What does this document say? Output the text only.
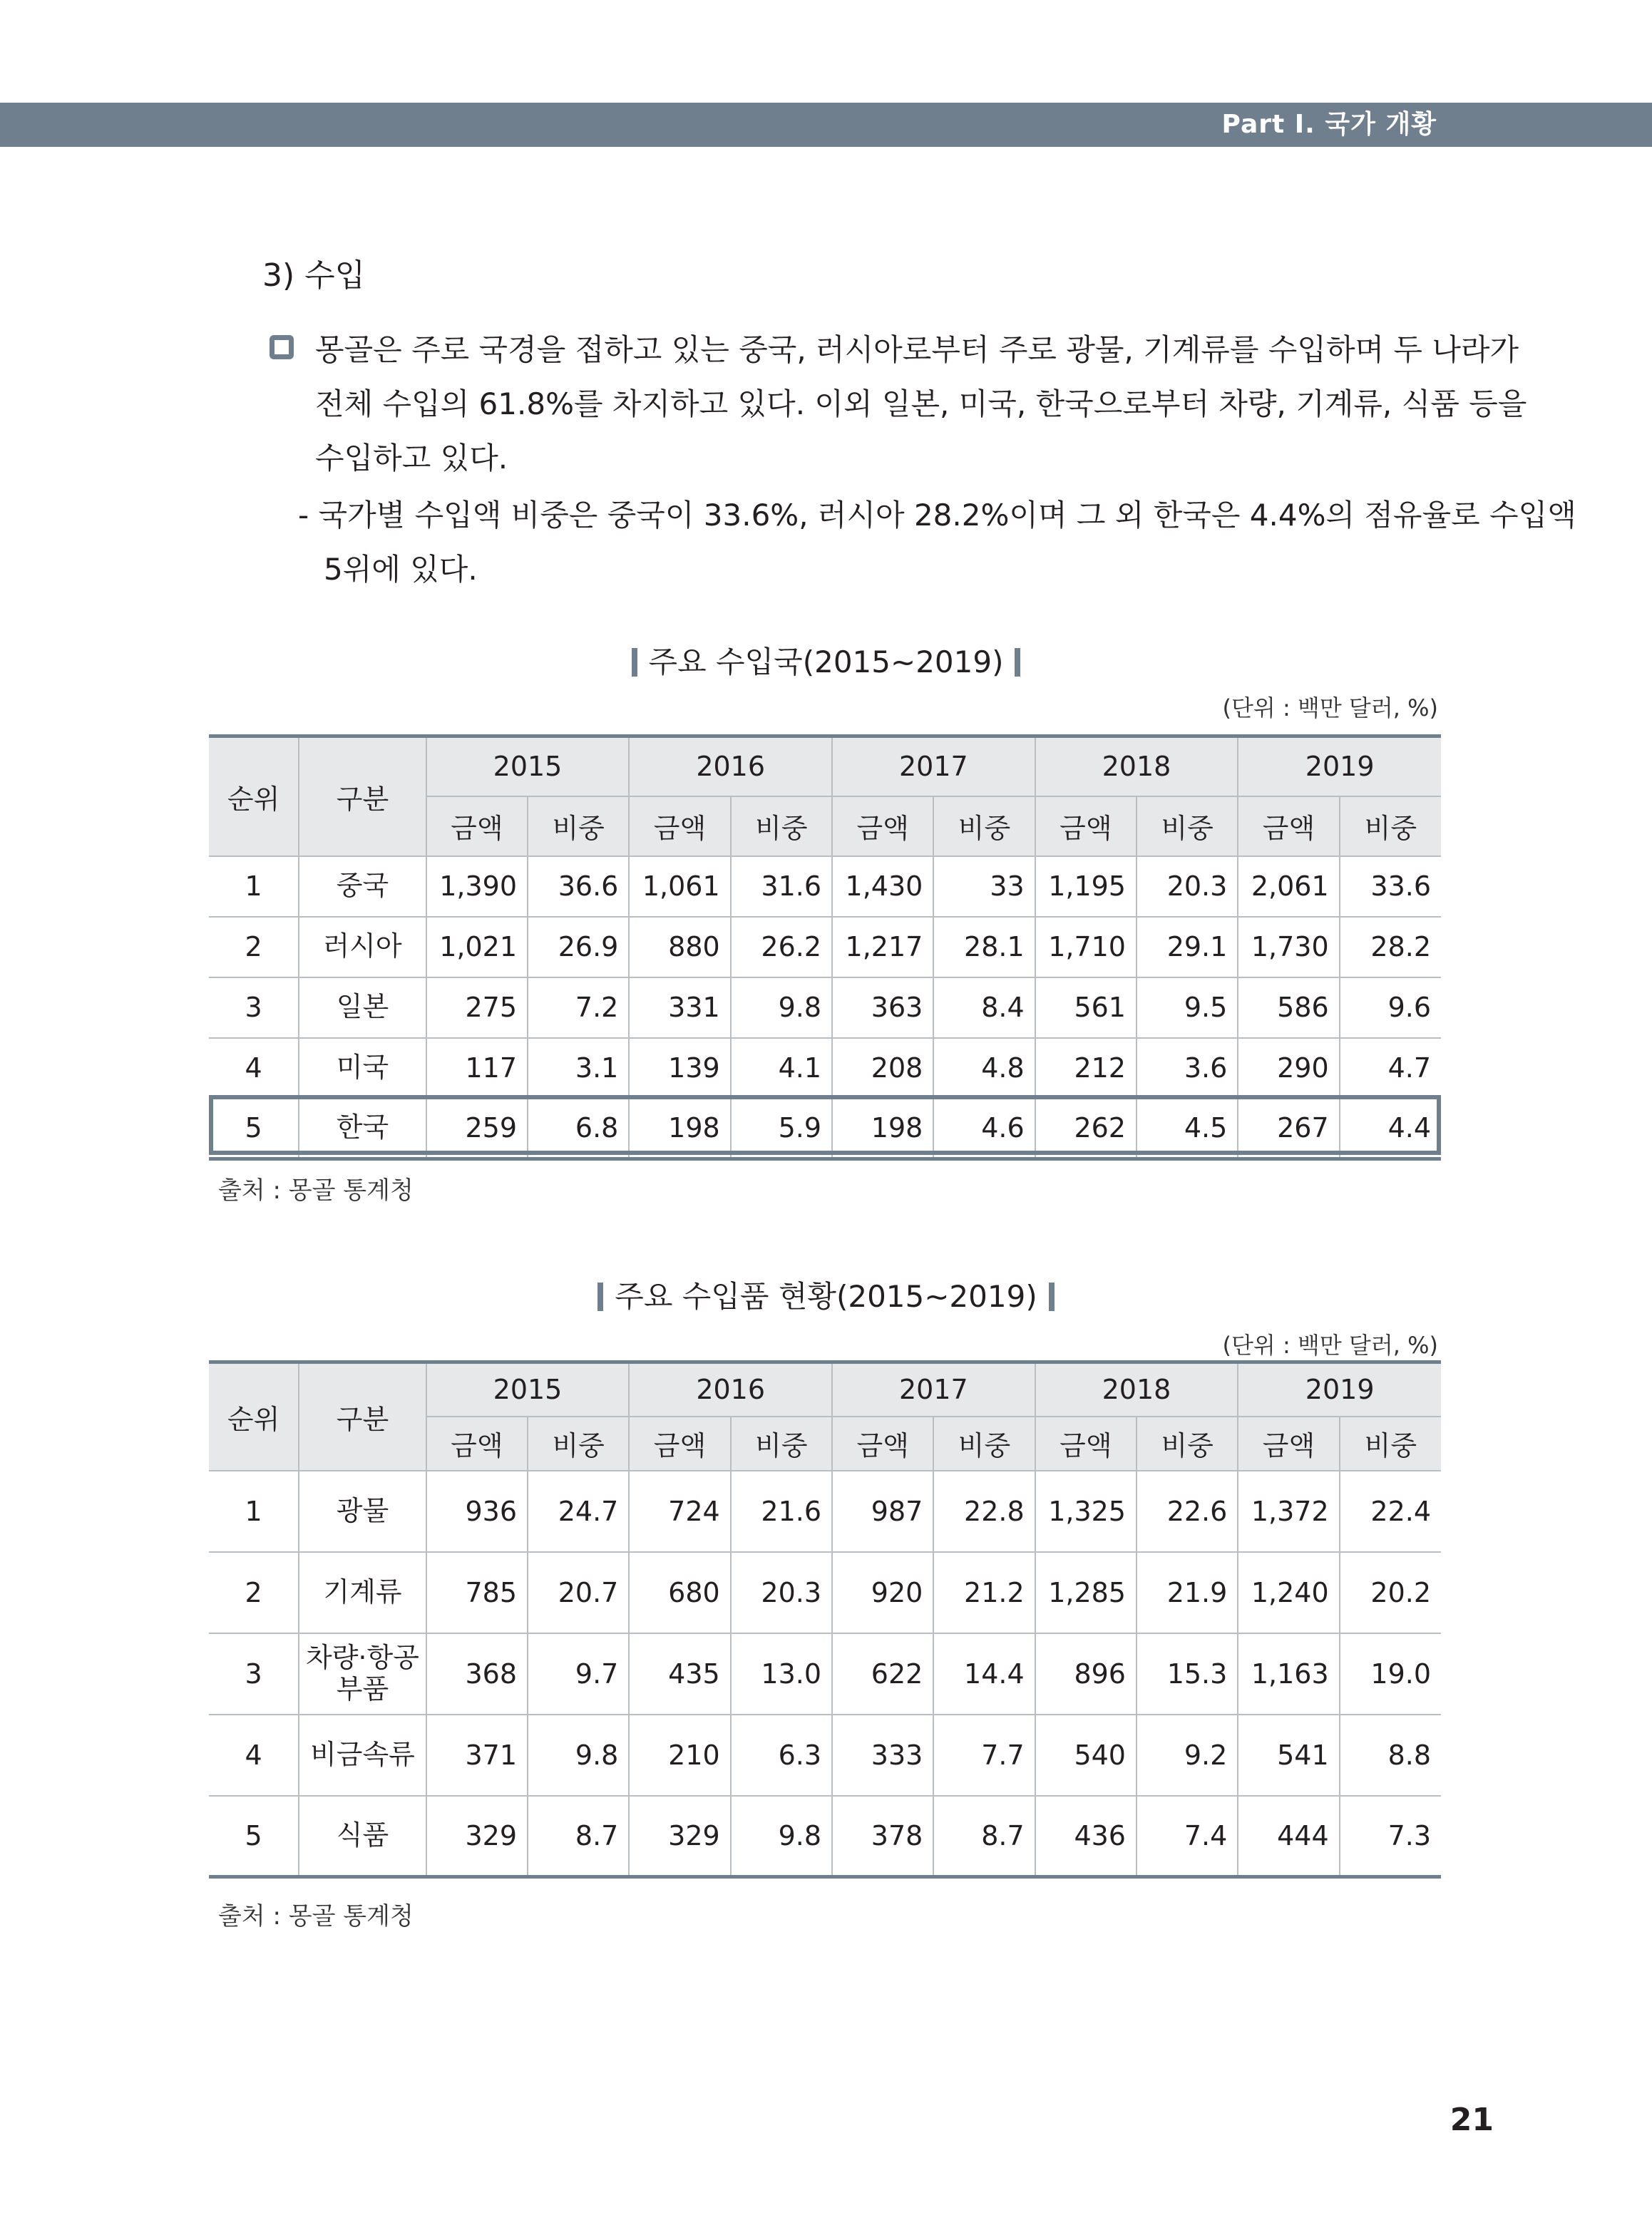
Part Ⅰ. 국가 개황
3) 수입
몽골은 주로 국경을 접하고 있는 중국, 러시아로부터 주로 광물, 기계류를 수입하며 두 나라가
전체 수입의 61.8%를 차지하고 있다. 이외 일본, 미국, 한국으로부터 차량, 기계류, 식품 등을
수입하고 있다.
- 국가별 수입액 비중은 중국이 33.6%, 러시아 28.2%이며 그 외 한국은 4.4%의 점유율로 수입액
5위에 있다.
주요 수입국(2015~2019)
(단위 : 백만 달러, %)
순위	구분	2015		2016		2017		2018		2019	
		금액	비중	금액	비중	금액	비중	금액	비중	금액	비중
1	중국	1,390	36.6	1,061	31.6	1,430	33	1,195	20.3	2,061	33.6
2	러시아	1,021	26.9	880	26.2	1,217	28.1	1,710	29.1	1,730	28.2
3	일본	275	7.2	331	9.8	363	8.4	561	9.5	586	9.6
4	미국	117	3.1	139	4.1	208	4.8	212	3.6	290	4.7
5	한국	259	6.8	198	5.9	198	4.6	262	4.5	267	4.4
출처 : 몽골 통계청
주요 수입품 현황(2015~2019)
(단위 : 백만 달러, %)
순위	구분	2015		2016		2017		2018		2019	
		금액	비중	금액	비중	금액	비중	금액	비중	금액	비중
1	광물	936	24.7	724	21.6	987	22.8	1,325	22.6	1,372	22.4
2	기계류	785	20.7	680	20.3	920	21.2	1,285	21.9	1,240	20.2
3	차량·항공
부품	368	9.7	435	13.0	622	14.4	896	15.3	1,163	19.0
4	비금속류	371	9.8	210	6.3	333	7.7	540	9.2	541	8.8
5	식품	329	8.7	329	9.8	378	8.7	436	7.4	444	7.3
출처 : 몽골 통계청
21
